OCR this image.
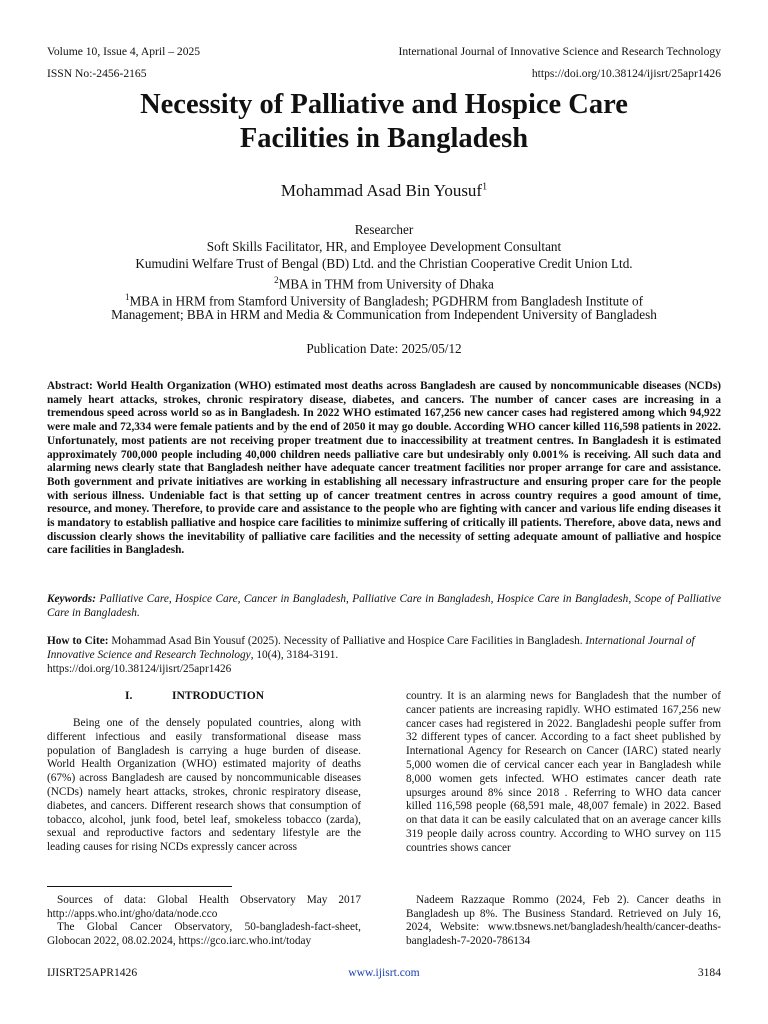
Volume 10, Issue 4, April – 2025	International Journal of Innovative Science and Research Technology
ISSN No:-2456-2165	https://doi.org/10.38124/ijisrt/25apr1426
Necessity of Palliative and Hospice Care
Facilities in Bangladesh
Mohammad Asad Bin Yousuf$^1$
Researcher
Soft Skills Facilitator, HR, and Employee Development Consultant
Kumudini Welfare Trust of Bengal (BD) Ltd. and the Christian Cooperative Credit Union Ltd.
$^2$MBA in THM from University of Dhaka
$^1$MBA in HRM from Stamford University of Bangladesh; PGDHRM from Bangladesh Institute of
Management; BBA in HRM and Media & Communication from Independent University of Bangladesh
Publication Date: 2025/05/12
Abstract: World Health Organization (WHO) estimated most deaths across Bangladesh are caused by noncommunicable diseases (NCDs) namely heart attacks, strokes, chronic respiratory disease, diabetes, and cancers. The number of cancer cases are increasing in a tremendous speed across world so as in Bangladesh. In 2022 WHO estimated 167,256 new cancer cases had registered among which 94,922 were male and 72,334 were female patients and by the end of 2050 it may go double. According WHO cancer killed 116,598 patients in 2022. Unfortunately, most patients are not receiving proper treatment due to inaccessibility at treatment centres. In Bangladesh it is estimated approximately 700,000 people including 40,000 children needs palliative care but undesirably only 0.001% is receiving. All such data and alarming news clearly state that Bangladesh neither have adequate cancer treatment facilities nor proper arrange for care and assistance. Both government and private initiatives are working in establishing all necessary infrastructure and ensuring proper care for the people with serious illness. Undeniable fact is that setting up of cancer treatment centres in across country requires a good amount of time, resource, and money. Therefore, to provide care and assistance to the people who are fighting with cancer and various life ending diseases it is mandatory to establish palliative and hospice care facilities to minimize suffering of critically ill patients. Therefore, above data, news and discussion clearly shows the inevitability of palliative care facilities and the necessity of setting adequate amount of palliative and hospice care facilities in Bangladesh.
Keywords: Palliative Care, Hospice Care, Cancer in Bangladesh, Palliative Care in Bangladesh, Hospice Care in Bangladesh, Scope of Palliative Care in Bangladesh.
How to Cite: Mohammad Asad Bin Yousuf (2025). Necessity of Palliative and Hospice Care Facilities in Bangladesh. International Journal of Innovative Science and Research Technology, 10(4), 3184-3191.
https://doi.org/10.38124/ijisrt/25apr1426
I.	INTRODUCTION

Being one of the densely populated countries, along with different infectious and easily transformational disease mass population of Bangladesh is carrying a huge burden of disease. World Health Organization (WHO) estimated majority of deaths (67%) across Bangladesh are caused by noncommunicable diseases (NCDs) namely heart attacks, strokes, chronic respiratory disease, diabetes, and cancers. Different research shows that consumption of tobacco, alcohol, junk food, betel leaf, smokeless tobacco (zarda), sexual and reproductive factors and sedentary lifestyle are the leading causes for rising NCDs expressly cancer across

country. It is an alarming news for Bangladesh that the number of cancer patients are increasing rapidly. WHO estimated 167,256 new cancer cases had registered in 2022. Bangladeshi people suffer from 32 different types of cancer. According to a fact sheet published by International Agency for Research on Cancer (IARC) stated nearly 5,000 women die of cervical cancer each year in Bangladesh while 8,000 women gets infected. WHO estimates cancer death rate upsurges around 8% since 2018 . Referring to WHO data cancer killed 116,598 people (68,591 male, 48,007 female) in 2022. Based on that data it can be easily calculated that on an average cancer kills 319 people daily across country. According to WHO survey on 115 countries shows cancer

Sources of data: Global Health Observatory May 2017 http://apps.who.int/gho/data/node.cco
The Global Cancer Observatory, 50-bangladesh-fact-sheet, Globocan 2022, 08.02.2024, https://gco.iarc.who.int/today
Nadeem Razzaque Rommo (2024, Feb 2). Cancer deaths in Bangladesh up 8%. The Business Standard. Retrieved on July 16, 2024, Website: www.tbsnews.net/bangladesh/health/cancer-deaths-bangladesh-7-2020-786134
IJISRT25APR1426	www.ijisrt.com	3184
